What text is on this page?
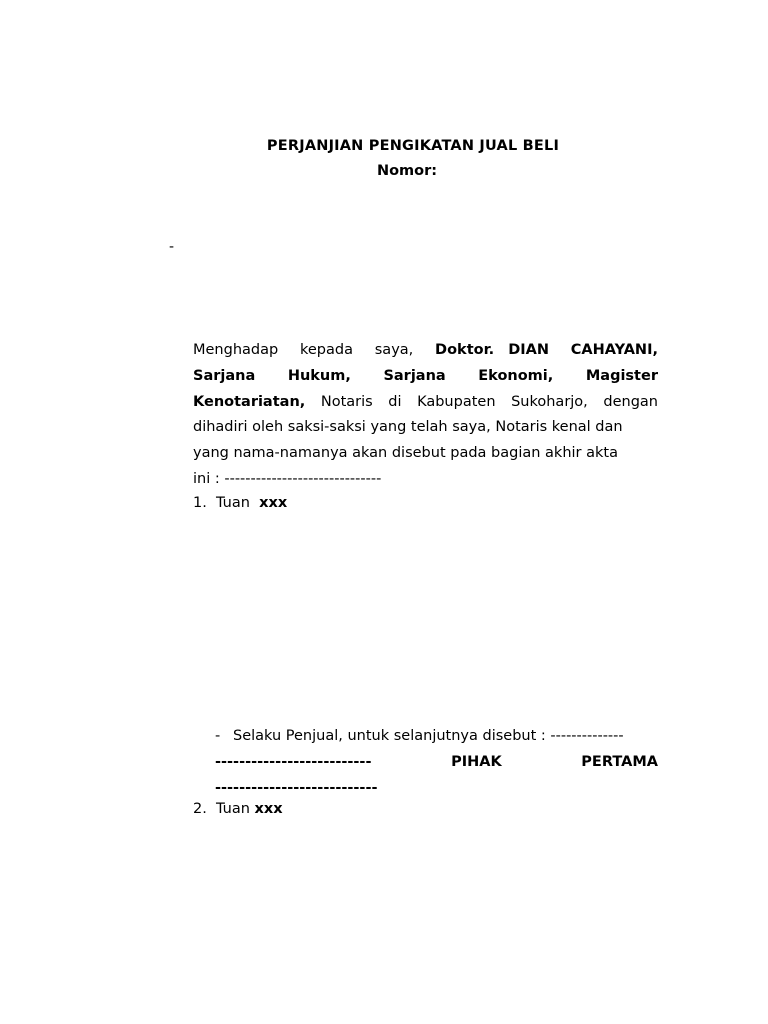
PERJANJIAN PENGIKATAN JUAL BELI
Nomor:
-
Menghadap kepada saya, Doktor. DIAN CAHAYANI,
Sarjana Hukum, Sarjana Ekonomi, Magister
Kenotariatan, Notaris di Kabupaten Sukoharjo, dengan
dihadiri oleh saksi-saksi yang telah saya, Notaris kenal dan
yang nama-namanya akan disebut pada bagian akhir akta
ini : ------------------------------
1. Tuan xxx
- Selaku Penjual, untuk selanjutnya disebut : --------------
--------------------------	PIHAK	PERTAMA
---------------------------
2. Tuan xxx
